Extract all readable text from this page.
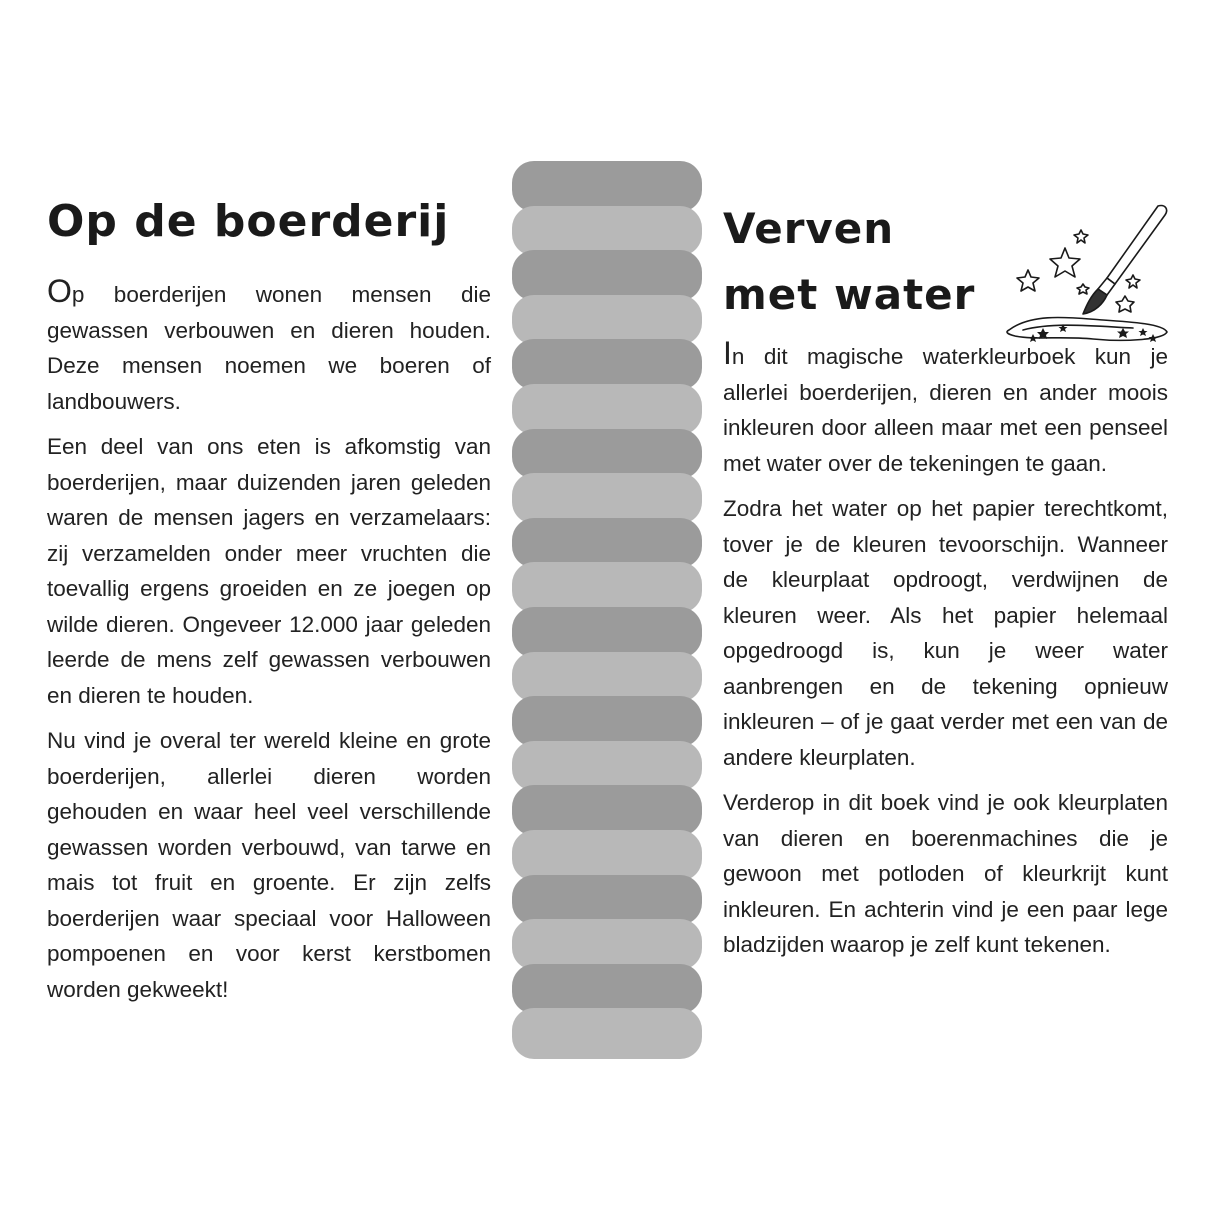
Op de boerderij

Op boerderijen wonen mensen die gewassen verbouwen en dieren houden. Deze mensen noemen we boeren of landbouwers.

Een deel van ons eten is afkomstig van boerderijen, maar duizenden jaren geleden waren de mensen jagers en verzamelaars: zij verzamelden onder meer vruchten die toevallig ergens groeiden en ze joegen op wilde dieren. Ongeveer 12.000 jaar geleden leerde de mens zelf gewassen verbouwen en dieren te houden.

Nu vind je overal ter wereld kleine en grote boerderijen, allerlei dieren worden gehouden en waar heel veel verschillende gewassen worden verbouwd, van tarwe en mais tot fruit en groente. Er zijn zelfs boerderijen waar speciaal voor Halloween pompoenen en voor kerst kerstbomen worden gekweekt!

Verven met water

In dit magische waterkleurboek kun je allerlei boerderijen, dieren en ander moois inkleuren door alleen maar met een penseel met water over de tekeningen te gaan.

Zodra het water op het papier terechtkomt, tover je de kleuren tevoorschijn. Wanneer de kleurplaat opdroogt, verdwijnen de kleuren weer. Als het papier helemaal opgedroogd is, kun je weer water aanbrengen en de tekening opnieuw inkleuren – of je gaat verder met een van de andere kleurplaten.

Verderop in dit boek vind je ook kleurplaten van dieren en boerenmachines die je gewoon met potloden of kleurkrijt kunt inkleuren. En achterin vind je een paar lege bladzijden waarop je zelf kunt tekenen.
